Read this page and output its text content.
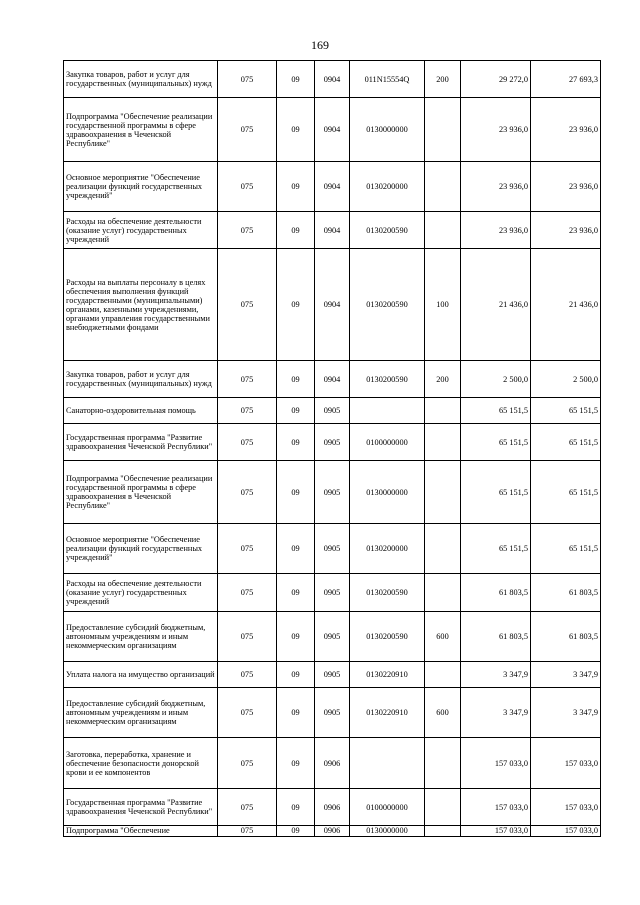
169
Закупка товаров, работ и услуг для государственных (муниципальных) нужд	075	09	0904	011N15554Q	200	29 272,0	27 693,3
Подпрограмма "Обеспечение реализации государственной программы в сфере здравоохранения в Чеченской Республике"	075	09	0904	0130000000		23 936,0	23 936,0
Основное мероприятие "Обеспечение реализации функций государственных учреждений"	075	09	0904	0130200000		23 936,0	23 936,0
Расходы на обеспечение деятельности (оказание услуг) государственных учреждений	075	09	0904	0130200590		23 936,0	23 936,0
Расходы на выплаты персоналу в целях обеспечения выполнения функций государственными (муниципальными) органами, казенными учреждениями, органами управления государственными внебюджетными фондами	075	09	0904	0130200590	100	21 436,0	21 436,0
Закупка товаров, работ и услуг для государственных (муниципальных) нужд	075	09	0904	0130200590	200	2 500,0	2 500,0
Санаторно-оздоровительная помощь	075	09	0905			65 151,5	65 151,5
Государственная программа "Развитие здравоохранения Чеченской Республики"	075	09	0905	0100000000		65 151,5	65 151,5
Подпрограмма "Обеспечение реализации государственной программы в сфере здравоохранения в Чеченской Республике"	075	09	0905	0130000000		65 151,5	65 151,5
Основное мероприятие "Обеспечение реализации функций государственных учреждений"	075	09	0905	0130200000		65 151,5	65 151,5
Расходы на обеспечение деятельности (оказание услуг) государственных учреждений	075	09	0905	0130200590		61 803,5	61 803,5
Предоставление субсидий бюджетным, автономным учреждениям и иным некоммерческим организациям	075	09	0905	0130200590	600	61 803,5	61 803,5
Уплата налога на имущество организаций	075	09	0905	0130220910		3 347,9	3 347,9
Предоставление субсидий бюджетным, автономным учреждениям и иным некоммерческим организациям	075	09	0905	0130220910	600	3 347,9	3 347,9
Заготовка, переработка, хранение и обеспечение безопасности донорской крови и ее компонентов	075	09	0906			157 033,0	157 033,0
Государственная программа "Развитие здравоохранения Чеченской Республики"	075	09	0906	0100000000		157 033,0	157 033,0
Подпрограмма "Обеспечение	075	09	0906	0130000000		157 033,0	157 033,0
